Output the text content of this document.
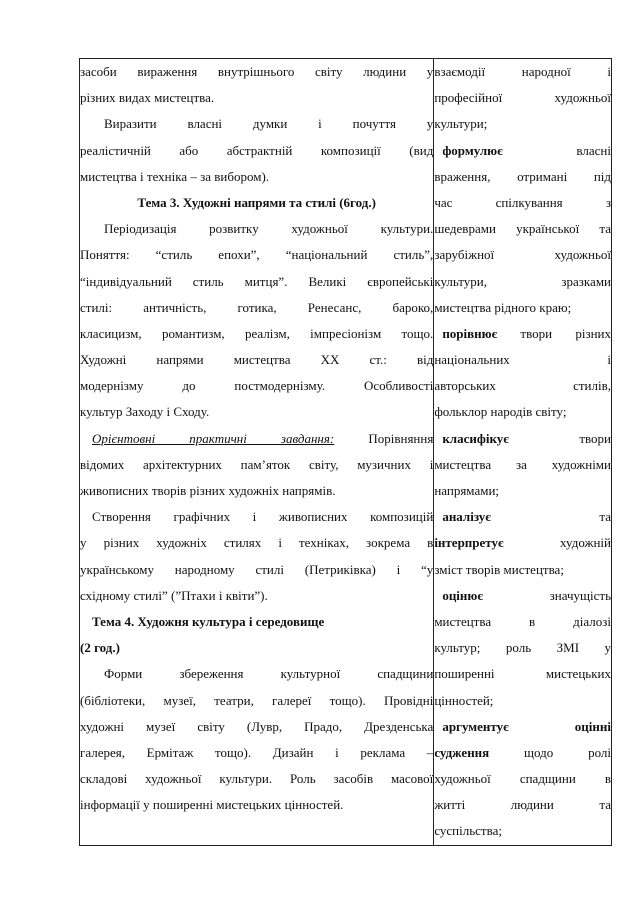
засоби вираження внутрішнього світу людини у
різних видах мистецтва.
Виразити власні думки і почуття у
реалістичній або абстрактній композиції (вид
мистецтва і техніка – за вибором).
Тема 3. Художні напрями та стилі (6год.)
Періодизація розвитку художньої культури.
Поняття: “стиль епохи”, “національний стиль”,
“індивідуальний стиль митця”. Великі європейські
стилі: античність, готика, Ренесанс, бароко,
класицизм, романтизм, реалізм, імпресіонізм тощо.
Художні напрями мистецтва ХХ ст.: від
модернізму до постмодернізму. Особливості
культур Заходу і Сходу.
Орієнтовні практичні завдання: Порівняння
відомих архітектурних пам’яток світу, музичних і
живописних творів різних художніх напрямів.
Створення графічних і живописних композицій
у різних художніх стилях і техніках, зокрема в
українському народному стилі (Петриківка) і “у
східному стилі” (”Птахи і квіти”).
Тема 4. Художня культура і середовище
(2 год.)
Форми збереження культурної спадщини
(бібліотеки, музеї, театри, галереї тощо). Провідні
художні музеї світу (Лувр, Прадо, Дрезденська
галерея, Ермітаж тощо). Дизайн і реклама –
складові художньої культури. Роль засобів масової
інформації у поширенні мистецьких цінностей.

взаємодії народної і
професійної художньої
культури;
формулює власні
враження, отримані під
час спілкування з
шедеврами української та
зарубіжної художньої
культури, зразками
мистецтва рідного краю;
порівнює твори різних
національних і
авторських стилів,
фольклор народів світу;
класифікує твори
мистецтва за художніми
напрямами;
аналізує та
інтерпретує художній
зміст творів мистецтва;
оцінює значущість
мистецтва в діалозі
культур; роль ЗМІ у
поширенні мистецьких
цінностей;
аргументує оцінні
судження щодо ролі
художньої спадщини в
житті людини та
суспільства;
